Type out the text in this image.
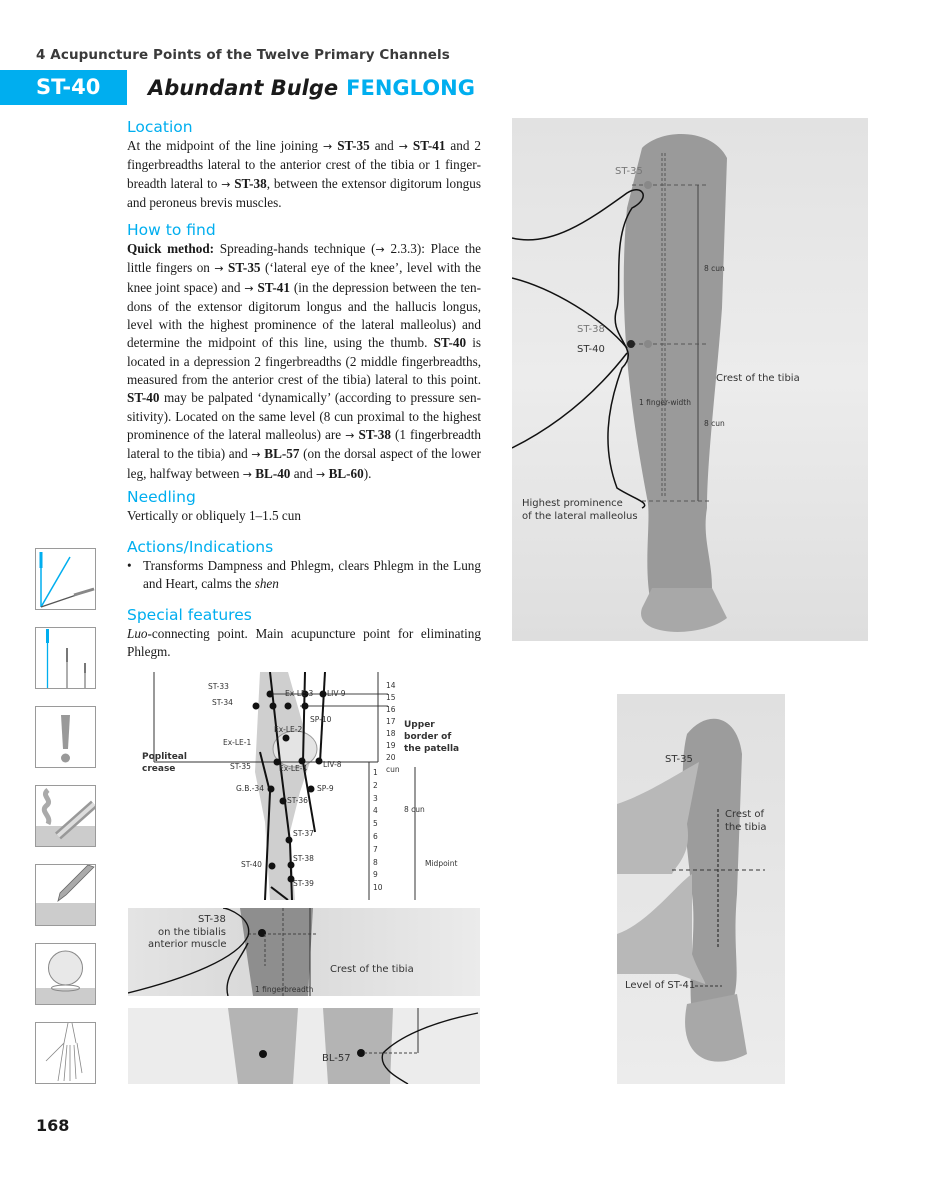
4 Acupuncture Points of the Twelve Primary Channels
ST-40	Abundant Bulge FENGLONG
Location
At the midpoint of the line joining → ST-35 and → ST-41 and 2 fingerbreadths lateral to the anterior crest of the tibia or 1 fingerbreadth lateral to → ST-38, between the extensor digitorum longus and peroneus brevis muscles.
How to find
Quick method: Spreading-hands technique (→ 2.3.3): Place the little fingers on → ST-35 (‘lateral eye of the knee’, level with the knee joint space) and → ST-41 (in the depression between the tendons of the extensor digitorum longus and the hallucis longus, level with the highest prominence of the lateral malleolus) and determine the midpoint of this line, using the thumb. ST-40 is located in a depression 2 fingerbreadths (2 middle fingerbreadths, measured from the anterior crest of the tibia) lateral to this point. ST-40 may be palpated ‘dynamically’ (according to pressure sensitivity). Located on the same level (8 cun proximal to the highest prominence of the lateral malleolus) are → ST-38 (1 fingerbreadth lateral to the tibia) and → BL-57 (on the dorsal aspect of the lower leg, halfway between → BL-40 and → BL-60).
Needling
Vertically or obliquely 1–1.5 cun
Actions/Indications
• Transforms Dampness and Phlegm, clears Phlegm in the Lung and Heart, calms the shen
Special features
Luo-connecting point. Main acupuncture point for eliminating Phlegm.
ST-35
ST-38
ST-40
8 cun
8 cun
Crest of the tibia
1 finger-width
Highest prominence
of the lateral malleolus
ST-33
ST-34
Ex-LE-1
Ex-LE-2
Ex-LE-3 LIV-9
SP-10
ST-35	Ex-LE-4 LIV-8
G.B.-34	SP-9
ST-36
ST-37
ST-38
ST-39
ST-40
Popliteal
crease
Upper
border of
the patella
14
15
16
17
18
19
20
cun
1
2
3
4
5
6
7
8
9
10
8 cun
Midpoint
ST-38
on the tibialis
anterior muscle
Crest of the tibia
1 fingerbreadth
BL-57
ST-35
Crest of
the tibia
Level of ST-41
168
